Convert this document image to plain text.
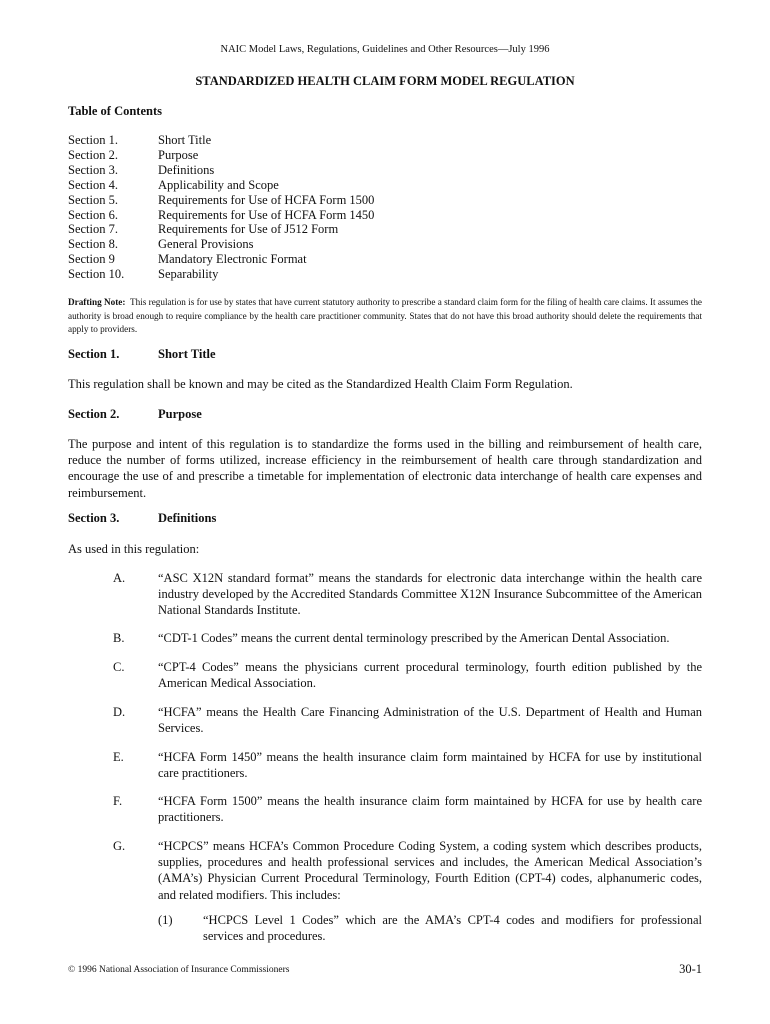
NAIC Model Laws, Regulations, Guidelines and Other Resources—July 1996
STANDARDIZED HEALTH CLAIM FORM MODEL REGULATION
Table of Contents
Section 1.	Short Title
Section 2.	Purpose
Section 3.	Definitions
Section 4.	Applicability and Scope
Section 5.	Requirements for Use of HCFA Form 1500
Section 6.	Requirements for Use of HCFA Form 1450
Section 7.	Requirements for Use of J512 Form
Section 8.	General Provisions
Section 9	Mandatory Electronic Format
Section 10.	Separability
Drafting Note: This regulation is for use by states that have current statutory authority to prescribe a standard claim form for the filing of health care claims. It assumes the authority is broad enough to require compliance by the health care practitioner community. States that do not have this broad authority should delete the requirements that apply to providers.
Section 1.	Short Title
This regulation shall be known and may be cited as the Standardized Health Claim Form Regulation.
Section 2.	Purpose
The purpose and intent of this regulation is to standardize the forms used in the billing and reimbursement of health care, reduce the number of forms utilized, increase efficiency in the reimbursement of health care through standardization and encourage the use of and prescribe a timetable for implementation of electronic data interchange of health care expenses and reimbursement.
Section 3.	Definitions
As used in this regulation:
A.	“ASC X12N standard format” means the standards for electronic data interchange within the health care industry developed by the Accredited Standards Committee X12N Insurance Subcommittee of the American National Standards Institute.
B.	“CDT-1 Codes” means the current dental terminology prescribed by the American Dental Association.
C.	“CPT-4 Codes” means the physicians current procedural terminology, fourth edition published by the American Medical Association.
D.	“HCFA” means the Health Care Financing Administration of the U.S. Department of Health and Human Services.
E.	“HCFA Form 1450” means the health insurance claim form maintained by HCFA for use by institutional care practitioners.
F.	“HCFA Form 1500” means the health insurance claim form maintained by HCFA for use by health care practitioners.
G.	“HCPCS” means HCFA’s Common Procedure Coding System, a coding system which describes products, supplies, procedures and health professional services and includes, the American Medical Association’s (AMA’s) Physician Current Procedural Terminology, Fourth Edition (CPT-4) codes, alphanumeric codes, and related modifiers. This includes:
(1)	“HCPCS Level 1 Codes” which are the AMA’s CPT-4 codes and modifiers for professional services and procedures.
© 1996 National Association of Insurance Commissioners	30-1
